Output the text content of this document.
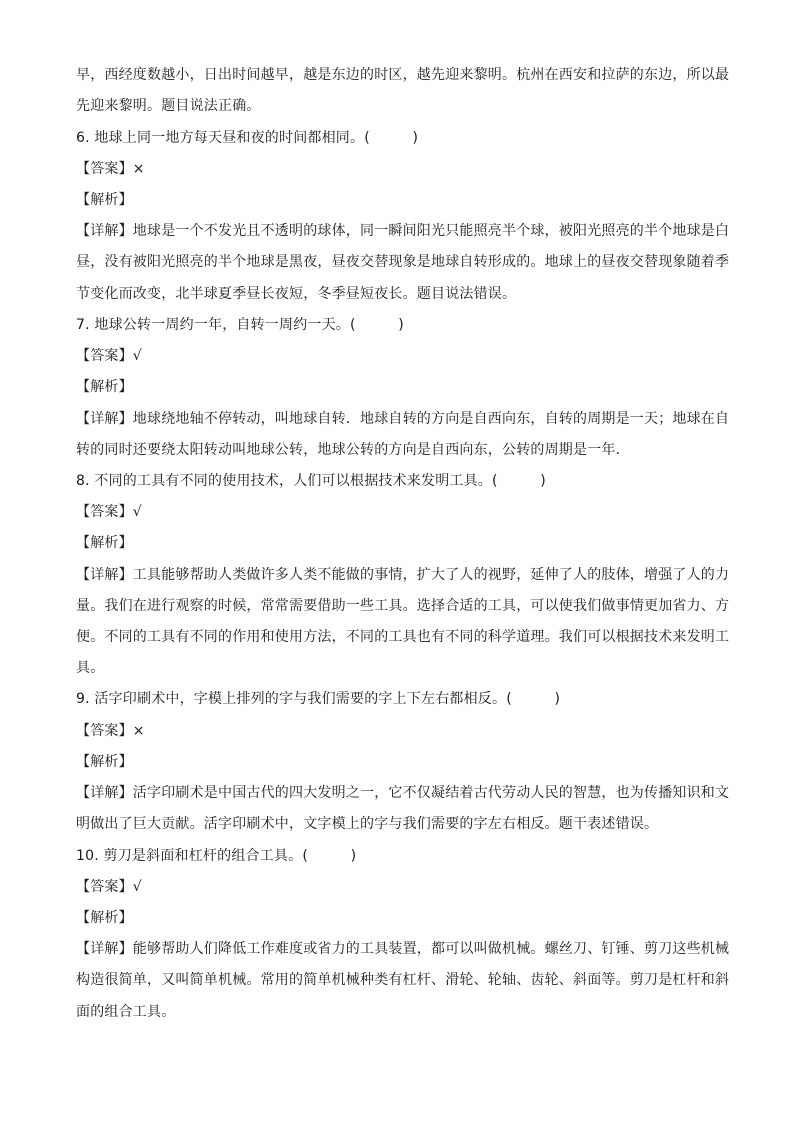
早，西经度数越小，日出时间越早，越是东边的时区，越先迎来黎明。杭州在西安和拉萨的东边，所以最
先迎来黎明。题目说法正确。
6. 地球上同一地方每天昼和夜的时间都相同。(　　　)
【答案】×
【解析】
【详解】地球是一个不发光且不透明的球体，同一瞬间阳光只能照亮半个球，被阳光照亮的半个地球是白
昼，没有被阳光照亮的半个地球是黑夜，昼夜交替现象是地球自转形成的。地球上的昼夜交替现象随着季
节变化而改变，北半球夏季昼长夜短，冬季昼短夜长。题目说法错误。
7. 地球公转一周约一年，自转一周约一天。(　　　)
【答案】√
【解析】
【详解】地球绕地轴不停转动，叫地球自转．地球自转的方向是自西向东，自转的周期是一天；地球在自
转的同时还要绕太阳转动叫地球公转，地球公转的方向是自西向东，公转的周期是一年．
8. 不同的工具有不同的使用技术，人们可以根据技术来发明工具。(　　　)
【答案】√
【解析】
【详解】工具能够帮助人类做许多人类不能做的事情，扩大了人的视野，延伸了人的肢体，增强了人的力
量。我们在进行观察的时候，常常需要借助一些工具。选择合适的工具，可以使我们做事情更加省力、方
便。不同的工具有不同的作用和使用方法，不同的工具也有不同的科学道理。我们可以根据技术来发明工
具。
9. 活字印刷术中，字模上排列的字与我们需要的字上下左右都相反。(　　　)
【答案】×
【解析】
【详解】活字印刷术是中国古代的四大发明之一，它不仅凝结着古代劳动人民的智慧，也为传播知识和文
明做出了巨大贡献。活字印刷术中，文字模上的字与我们需要的字左右相反。题干表述错误。
10. 剪刀是斜面和杠杆的组合工具。(　　　)
【答案】√
【解析】
【详解】能够帮助人们降低工作难度或省力的工具装置，都可以叫做机械。螺丝刀、钉锤、剪刀这些机械
构造很简单，又叫简单机械。常用的简单机械种类有杠杆、滑轮、轮轴、齿轮、斜面等。剪刀是杠杆和斜
面的组合工具。
